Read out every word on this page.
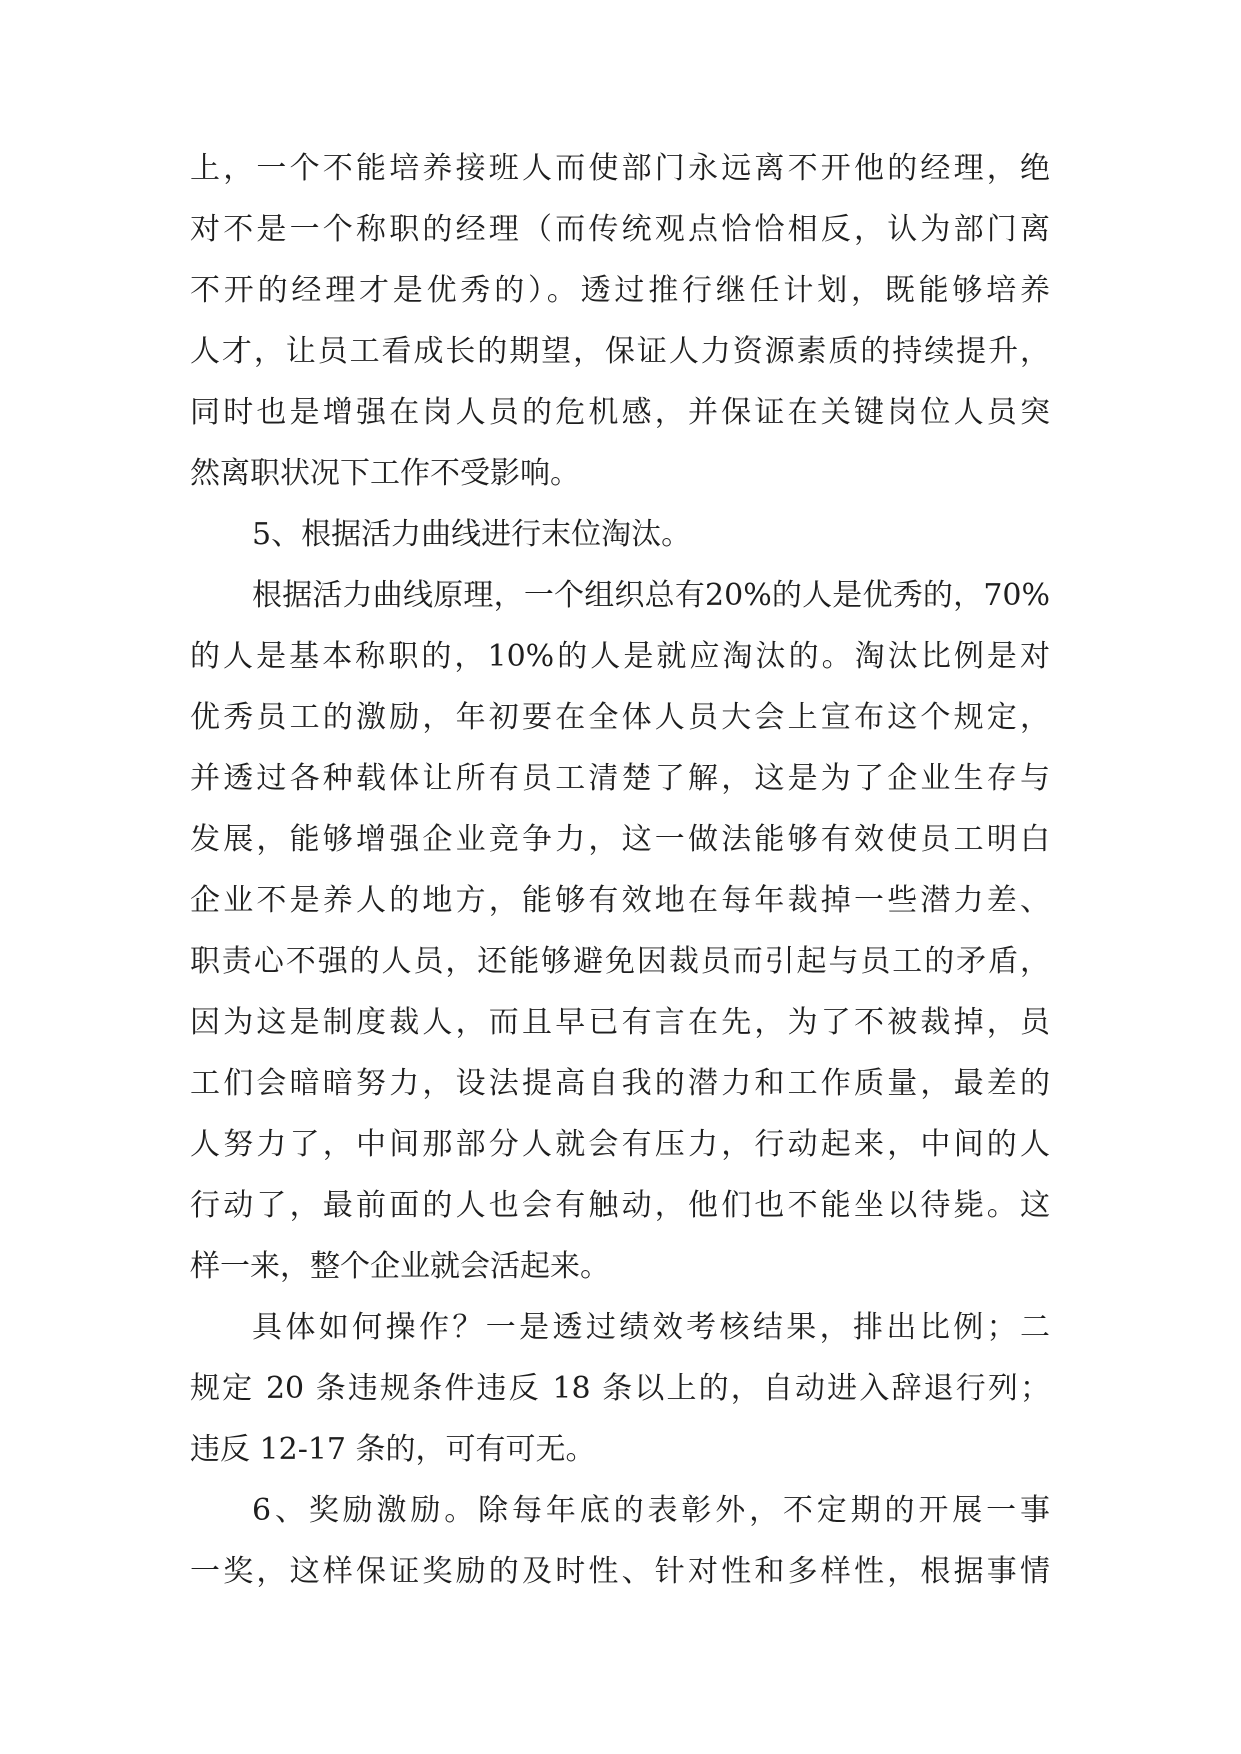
上，一个不能培养接班人而使部门永远离不开他的经理，绝
对不是一个称职的经理（而传统观点恰恰相反，认为部门离
不开的经理才是优秀的）。透过推行继任计划，既能够培养
人才，让员工看成长的期望，保证人力资源素质的持续提升，
同时也是增强在岗人员的危机感，并保证在关键岗位人员突
然离职状况下工作不受影响。
5、根据活力曲线进行末位淘汰。
根据活力曲线原理，一个组织总有20%的人是优秀的，70%
的人是基本称职的，10%的人是就应淘汰的。淘汰比例是对
优秀员工的激励，年初要在全体人员大会上宣布这个规定，
并透过各种载体让所有员工清楚了解，这是为了企业生存与
发展，能够增强企业竞争力，这一做法能够有效使员工明白
企业不是养人的地方，能够有效地在每年裁掉一些潜力差、
职责心不强的人员，还能够避免因裁员而引起与员工的矛盾，
因为这是制度裁人，而且早已有言在先，为了不被裁掉，员
工们会暗暗努力，设法提高自我的潜力和工作质量，最差的
人努力了，中间那部分人就会有压力，行动起来，中间的人
行动了，最前面的人也会有触动，他们也不能坐以待毙。这
样一来，整个企业就会活起来。
具体如何操作？一是透过绩效考核结果，排出比例；二
规定 20 条违规条件违反 18 条以上的，自动进入辞退行列；
违反 12-17 条的，可有可无。
6、奖励激励。除每年底的表彰外，不定期的开展一事
一奖，这样保证奖励的及时性、针对性和多样性，根据事情
